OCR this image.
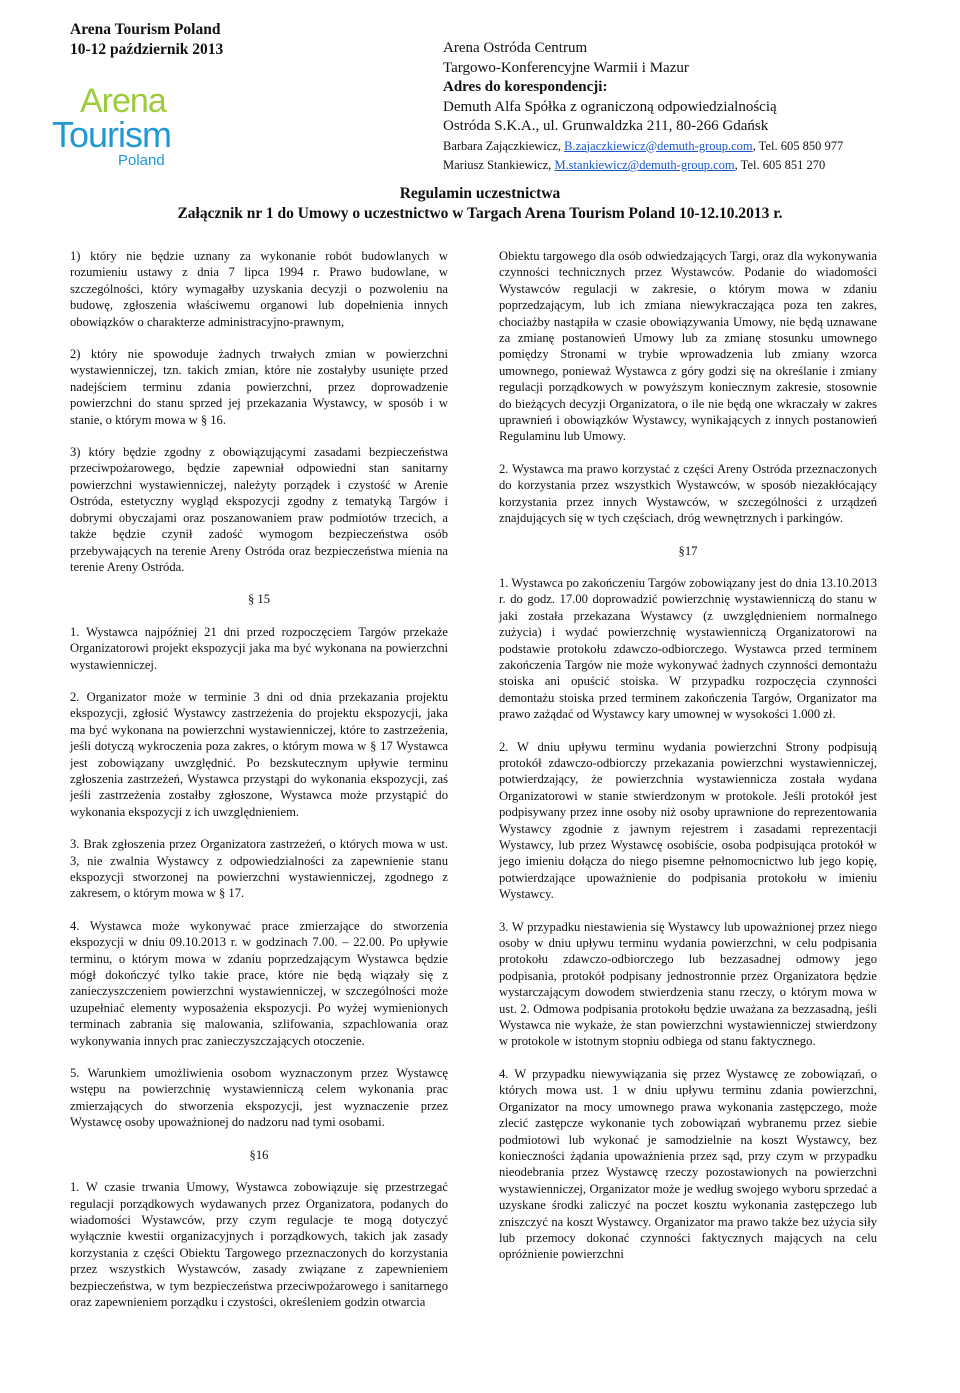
Arena Tourism Poland
10-12 październik 2013
Arena
Tourism
Poland
Arena Ostróda Centrum
Targowo-Konferencyjne Warmii i Mazur
Adres do korespondencji:
Demuth Alfa Spółka z ograniczoną odpowiedzialnością
Ostróda S.K.A., ul. Grunwaldzka 211, 80-266 Gdańsk
Barbara Zajączkiewicz, B.zajaczkiewicz@demuth-group.com, Tel. 605 850 977
Mariusz Stankiewicz, M.stankiewicz@demuth-group.com, Tel. 605 851 270
Regulamin uczestnictwa
Załącznik nr 1 do Umowy o uczestnictwo w Targach Arena Tourism Poland 10-12.10.2013 r.

1) który nie będzie uznany za wykonanie robót budowlanych w rozumieniu ustawy z dnia 7 lipca 1994 r. Prawo budowlane, w szczególności, który wymagałby uzyskania decyzji o pozwoleniu na budowę, zgłoszenia właściwemu organowi lub dopełnienia innych obowiązków o charakterze administracyjno-prawnym,

2) który nie spowoduje żadnych trwałych zmian w powierzchni wystawienniczej, tzn. takich zmian, które nie zostałyby usunięte przed nadejściem terminu zdania powierzchni, przez doprowadzenie powierzchni do stanu sprzed jej przekazania Wystawcy, w sposób i w stanie, o którym mowa w § 16.

3) który będzie zgodny z obowiązującymi zasadami bezpieczeństwa przeciwpożarowego, będzie zapewniał odpowiedni stan sanitarny powierzchni wystawienniczej, należyty porządek i czystość w Arenie Ostróda, estetyczny wygląd ekspozycji zgodny z tematyką Targów i dobrymi obyczajami oraz poszanowaniem praw podmiotów trzecich, a także będzie czynił zadość wymogom bezpieczeństwa osób przebywających na terenie Areny Ostróda oraz bezpieczeństwa mienia na terenie Areny Ostróda.

§ 15

1. Wystawca najpóźniej 21 dni przed rozpoczęciem Targów przekaże Organizatorowi projekt ekspozycji jaka ma być wykonana na powierzchni wystawienniczej.

2. Organizator może w terminie 3 dni od dnia przekazania projektu ekspozycji, zgłosić Wystawcy zastrzeżenia do projektu ekspozycji, jaka ma być wykonana na powierzchni wystawienniczej, które to zastrzeżenia, jeśli dotyczą wykroczenia poza zakres, o którym mowa w § 17 Wystawca jest zobowiązany uwzględnić. Po bezskutecznym upływie terminu zgłoszenia zastrzeżeń, Wystawca przystąpi do wykonania ekspozycji, zaś jeśli zastrzeżenia zostałby zgłoszone, Wystawca może przystąpić do wykonania ekspozycji z ich uwzględnieniem.

3. Brak zgłoszenia przez Organizatora zastrzeżeń, o których mowa w ust. 3, nie zwalnia Wystawcy z odpowiedzialności za zapewnienie stanu ekspozycji stworzonej na powierzchni wystawienniczej, zgodnego z zakresem, o którym mowa w § 17.

4. Wystawca może wykonywać prace zmierzające do stworzenia ekspozycji w dniu 09.10.2013 r. w godzinach 7.00. – 22.00. Po upływie terminu, o którym mowa w zdaniu poprzedzającym Wystawca będzie mógł dokończyć tylko takie prace, które nie będą wiązały się z zanieczyszczeniem powierzchni wystawienniczej, w szczególności może uzupełniać elementy wyposażenia ekspozycji. Po wyżej wymienionych terminach zabrania się malowania, szlifowania, szpachlowania oraz wykonywania innych prac zanieczyszczających otoczenie.

5. Warunkiem umożliwienia osobom wyznaczonym przez Wystawcę wstępu na powierzchnię wystawienniczą celem wykonania prac zmierzających do stworzenia ekspozycji, jest wyznaczenie przez Wystawcę osoby upoważnionej do nadzoru nad tymi osobami.

§16

1. W czasie trwania Umowy, Wystawca zobowiązuje się przestrzegać regulacji porządkowych wydawanych przez Organizatora, podanych do wiadomości Wystawców, przy czym regulacje te mogą dotyczyć wyłącznie kwestii organizacyjnych i porządkowych, takich jak zasady korzystania z części Obiektu Targowego przeznaczonych do korzystania przez wszystkich Wystawców, zasady związane z zapewnieniem bezpieczeństwa, w tym bezpieczeństwa przeciwpożarowego i sanitarnego oraz zapewnieniem porządku i czystości, określeniem godzin otwarcia

Obiektu targowego dla osób odwiedzających Targi, oraz dla wykonywania czynności technicznych przez Wystawców. Podanie do wiadomości Wystawców regulacji w zakresie, o którym mowa w zdaniu poprzedzającym, lub ich zmiana niewykraczająca poza ten zakres, chociażby nastąpiła w czasie obowiązywania Umowy, nie będą uznawane za zmianę postanowień Umowy lub za zmianę stosunku umownego pomiędzy Stronami w trybie wprowadzenia lub zmiany wzorca umownego, ponieważ Wystawca z góry godzi się na określanie i zmiany regulacji porządkowych w powyższym koniecznym zakresie, stosownie do bieżących decyzji Organizatora, o ile nie będą one wkraczały w zakres uprawnień i obowiązków Wystawcy, wynikających z innych postanowień Regulaminu lub Umowy.

2. Wystawca ma prawo korzystać z części Areny Ostróda przeznaczonych do korzystania przez wszystkich Wystawców, w sposób niezakłócający korzystania przez innych Wystawców, w szczególności z urządzeń znajdujących się w tych częściach, dróg wewnętrznych i parkingów.

§17

1. Wystawca po zakończeniu Targów zobowiązany jest do dnia 13.10.2013 r. do godz. 17.00 doprowadzić powierzchnię wystawienniczą do stanu w jaki została przekazana Wystawcy (z uwzględnieniem normalnego zużycia) i wydać powierzchnię wystawienniczą Organizatorowi na podstawie protokołu zdawczo-odbiorczego. Wystawca przed terminem zakończenia Targów nie może wykonywać żadnych czynności demontażu stoiska ani opuścić stoiska. W przypadku rozpoczęcia czynności demontażu stoiska przed terminem zakończenia Targów, Organizator ma prawo zażądać od Wystawcy kary umownej w wysokości 1.000 zł.

2. W dniu upływu terminu wydania powierzchni Strony podpisują protokół zdawczo-odbiorczy przekazania powierzchni wystawienniczej, potwierdzający, że powierzchnia wystawiennicza została wydana Organizatorowi w stanie stwierdzonym w protokole. Jeśli protokół jest podpisywany przez inne osoby niż osoby uprawnione do reprezentowania Wystawcy zgodnie z jawnym rejestrem i zasadami reprezentacji Wystawcy, lub przez Wystawcę osobiście, osoba podpisująca protokół w jego imieniu dołącza do niego pisemne pełnomocnictwo lub jego kopię, potwierdzające upoważnienie do podpisania protokołu w imieniu Wystawcy.

3. W przypadku niestawienia się Wystawcy lub upoważnionej przez niego osoby w dniu upływu terminu wydania powierzchni, w celu podpisania protokołu zdawczo-odbiorczego lub bezzasadnej odmowy jego podpisania, protokół podpisany jednostronnie przez Organizatora będzie wystarczającym dowodem stwierdzenia stanu rzeczy, o którym mowa w ust. 2. Odmowa podpisania protokołu będzie uważana za bezzasadną, jeśli Wystawca nie wykaże, że stan powierzchni wystawienniczej stwierdzony w protokole w istotnym stopniu odbiega od stanu faktycznego.

4. W przypadku niewywiązania się przez Wystawcę ze zobowiązań, o których mowa ust. 1 w dniu upływu terminu zdania powierzchni, Organizator na mocy umownego prawa wykonania zastępczego, może zlecić zastępcze wykonanie tych zobowiązań wybranemu przez siebie podmiotowi lub wykonać je samodzielnie na koszt Wystawcy, bez konieczności żądania upoważnienia przez sąd, przy czym w przypadku nieodebrania przez Wystawcę rzeczy pozostawionych na powierzchni wystawienniczej, Organizator może je według swojego wyboru sprzedać a uzyskane środki zaliczyć na poczet kosztu wykonania zastępczego lub zniszczyć na koszt Wystawcy. Organizator ma prawo także bez użycia siły lub przemocy dokonać czynności faktycznych mających na celu opróżnienie powierzchni
